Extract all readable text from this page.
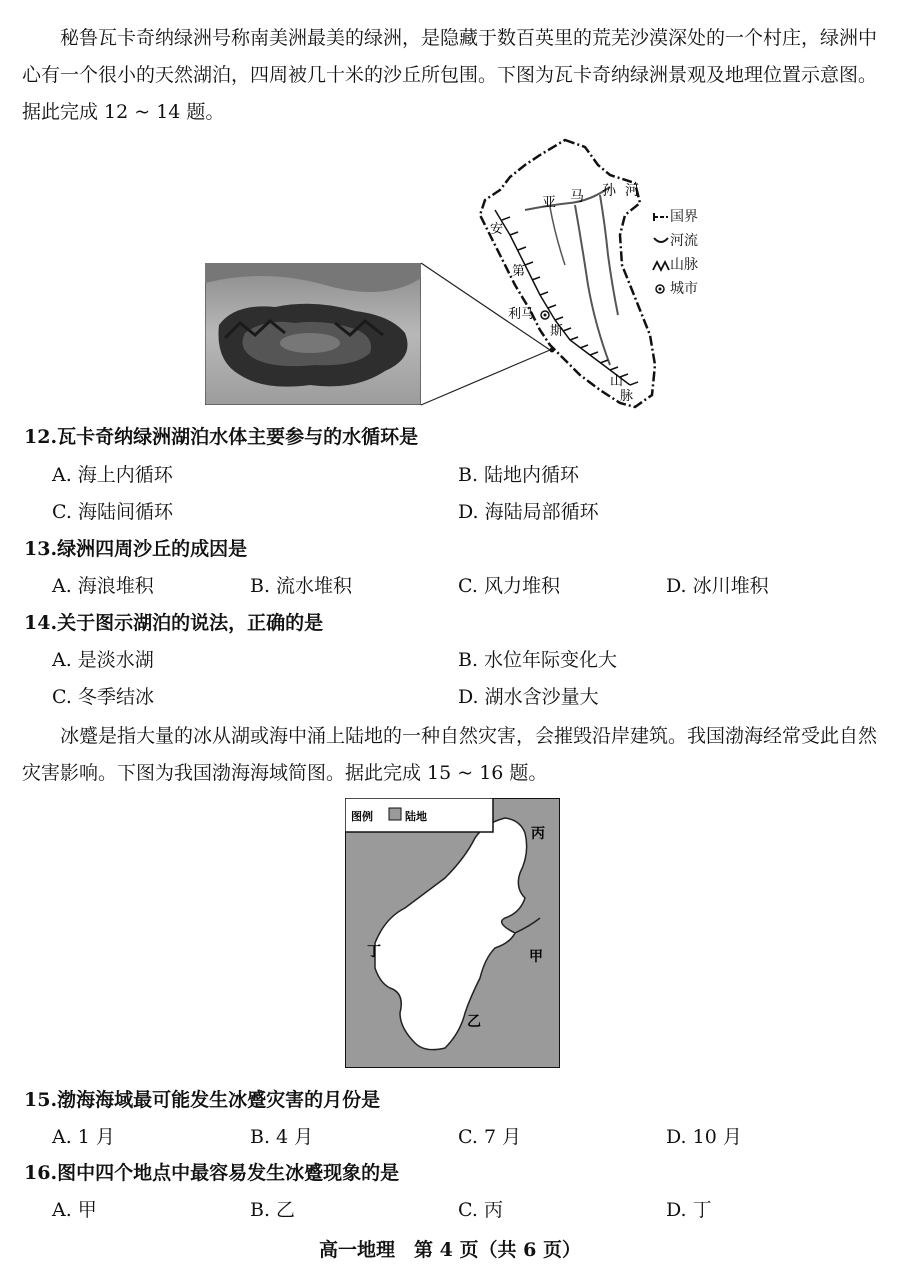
秘鲁瓦卡奇纳绿洲号称南美洲最美的绿洲，是隐藏于数百英里的荒芜沙漠深处的一个村庄，绿洲中心有一个很小的天然湖泊，四周被几十米的沙丘所包围。下图为瓦卡奇纳绿洲景观及地理位置示意图。据此完成 12 ~ 14 题。

亚 马 孙 河
安
第
斯
山
脉
利马
国界
河流
山脉
城市
12.瓦卡奇纳绿洲湖泊水体主要参与的水循环是
A. 海上内循环	B. 陆地内循环
C. 海陆间循环	D. 海陆局部循环
13.绿洲四周沙丘的成因是
A. 海浪堆积	B. 流水堆积	C. 风力堆积	D. 冰川堆积
14.关于图示湖泊的说法，正确的是
A. 是淡水湖	B. 水位年际变化大
C. 冬季结冰	D. 湖水含沙量大

冰蹙是指大量的冰从湖或海中涌上陆地的一种自然灾害，会摧毁沿岸建筑。我国渤海经常受此自然灾害影响。下图为我国渤海海域简图。据此完成 15 ~ 16 题。

图例	陆地
丙
甲
丁
乙
15.渤海海域最可能发生冰蹙灾害的月份是
A. 1 月	B. 4 月	C. 7 月	D. 10 月
16.图中四个地点中最容易发生冰蹙现象的是
A. 甲	B. 乙	C. 丙	D. 丁
高一地理　第 4 页（共 6 页）
